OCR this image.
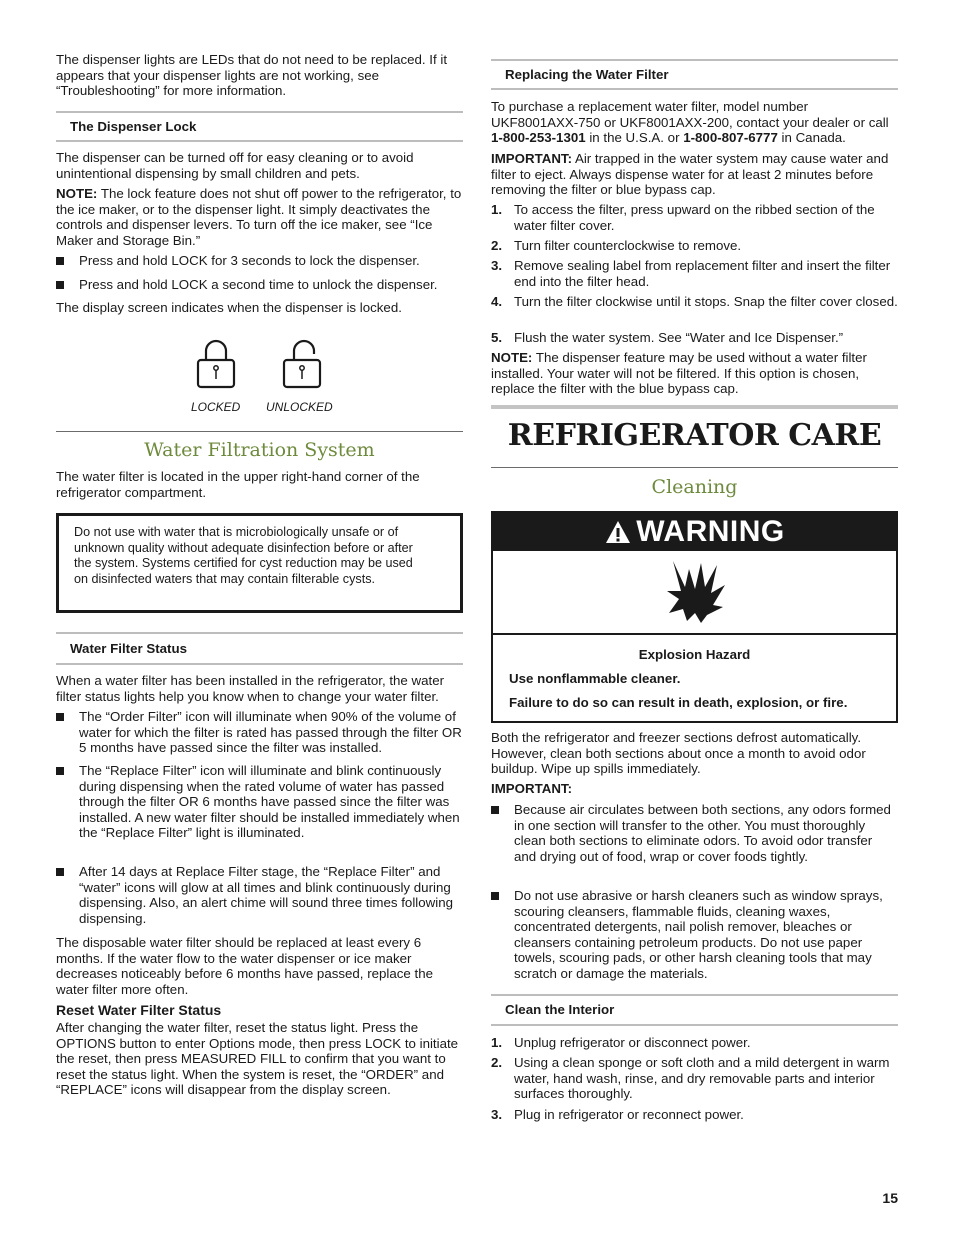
The dispenser lights are LEDs that do not need to be replaced. If it appears that your dispenser lights are not working, see “Troubleshooting” for more information.

The Dispenser Lock

The dispenser can be turned off for easy cleaning or to avoid unintentional dispensing by small children and pets.

NOTE: The lock feature does not shut off power to the refrigerator, to the ice maker, or to the dispenser light. It simply deactivates the controls and dispenser levers. To turn off the ice maker, see “Ice Maker and Storage Bin.”

Press and hold LOCK for 3 seconds to lock the dispenser.
Press and hold LOCK a second time to unlock the dispenser.

The display screen indicates when the dispenser is locked.

LOCKED UNLOCKED
Water Filtration System

The water filter is located in the upper right-hand corner of the refrigerator compartment.

Do not use with water that is microbiologically unsafe or of unknown quality without adequate disinfection before or after the system. Systems certified for cyst reduction may be used on disinfected waters that may contain filterable cysts.
Water Filter Status

When a water filter has been installed in the refrigerator, the water filter status lights help you know when to change your water filter.

The “Order Filter” icon will illuminate when 90% of the volume of water for which the filter is rated has passed through the filter OR 5 months have passed since the filter was installed.
The “Replace Filter” icon will illuminate and blink continuously during dispensing when the rated volume of water has passed through the filter OR 6 months have passed since the filter was installed. A new water filter should be installed immediately when the “Replace Filter” light is illuminated.
After 14 days at Replace Filter stage, the “Replace Filter” and “water” icons will glow at all times and blink continuously during dispensing. Also, an alert chime will sound three times following dispensing.

The disposable water filter should be replaced at least every 6 months. If the water flow to the water dispenser or ice maker decreases noticeably before 6 months have passed, replace the water filter more often.

Reset Water Filter Status

After changing the water filter, reset the status light. Press the OPTIONS button to enter Options mode, then press LOCK to initiate the reset, then press MEASURED FILL to confirm that you want to reset the status light. When the system is reset, the “ORDER” and “REPLACE” icons will disappear from the display screen.

Replacing the Water Filter

To purchase a replacement water filter, model number UKF8001AXX-750 or UKF8001AXX-200, contact your dealer or call 1-800-253-1301 in the U.S.A. or 1-800-807-6777 in Canada.

IMPORTANT: Air trapped in the water system may cause water and filter to eject. Always dispense water for at least 2 minutes before removing the filter or blue bypass cap.

1. To access the filter, press upward on the ribbed section of the water filter cover.
2. Turn filter counterclockwise to remove.
3. Remove sealing label from replacement filter and insert the filter end into the filter head.
4. Turn the filter clockwise until it stops. Snap the filter cover closed.
5. Flush the water system. See “Water and Ice Dispenser.”

NOTE: The dispenser feature may be used without a water filter installed. Your water will not be filtered. If this option is chosen, replace the filter with the blue bypass cap.

REFRIGERATOR CARE
Cleaning
WARNING
Explosion Hazard
Use nonflammable cleaner.
Failure to do so can result in death, explosion, or fire.

Both the refrigerator and freezer sections defrost automatically. However, clean both sections about once a month to avoid odor buildup. Wipe up spills immediately.

IMPORTANT:

Because air circulates between both sections, any odors formed in one section will transfer to the other. You must thoroughly clean both sections to eliminate odors. To avoid odor transfer and drying out of food, wrap or cover foods tightly.
Do not use abrasive or harsh cleaners such as window sprays, scouring cleansers, flammable fluids, cleaning waxes, concentrated detergents, nail polish remover, bleaches or cleansers containing petroleum products. Do not use paper towels, scouring pads, or other harsh cleaning tools that may scratch or damage the materials.
Clean the Interior
1. Unplug refrigerator or disconnect power.
2. Using a clean sponge or soft cloth and a mild detergent in warm water, hand wash, rinse, and dry removable parts and interior surfaces thoroughly.
3. Plug in refrigerator or reconnect power.
15
